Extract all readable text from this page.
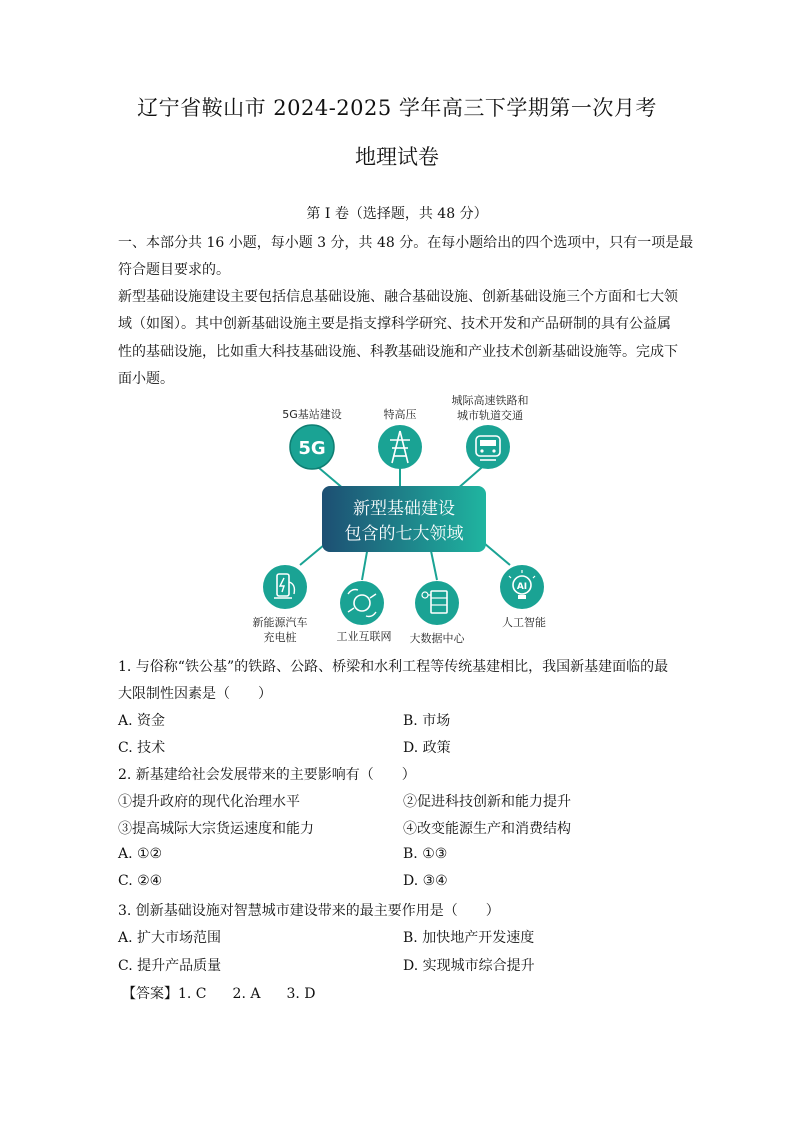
辽宁省鞍山市 2024-2025 学年高三下学期第一次月考
地理试卷
第 I 卷（选择题，共 48 分）
一、本部分共 16 小题，每小题 3 分，共 48 分。在每小题给出的四个选项中，只有一项是最
符合题目要求的。
新型基础设施建设主要包括信息基础设施、融合基础设施、创新基础设施三个方面和七大领
域（如图）。其中创新基础设施主要是指支撑科学研究、技术开发和产品研制的具有公益属
性的基础设施，比如重大科技基础设施、科教基础设施和产业技术创新基础设施等。完成下
面小题。
新型基础建设
包含的七大领域
5G
5G基站建设	特高压
城际高速铁路和
城市轨道交通
新能源汽车
充电桩	工业互联网 大数据中心
AI
人工智能
1. 与俗称“铁公基”的铁路、公路、桥梁和水利工程等传统基建相比，我国新基建面临的最
大限制性因素是（　　）
A. 资金	B. 市场
C. 技术	D. 政策
2. 新基建给社会发展带来的主要影响有（　　）
①提升政府的现代化治理水平	②促进科技创新和能力提升
③提高城际大宗货运速度和能力	④改变能源生产和消费结构
A. ①②	B. ①③
C. ②④	D. ③④
3. 创新基础设施对智慧城市建设带来的最主要作用是（　　）
A. 扩大市场范围	B. 加快地产开发速度
C. 提升产品质量	D. 实现城市综合提升
【答案】1. C 2. A 3. D
